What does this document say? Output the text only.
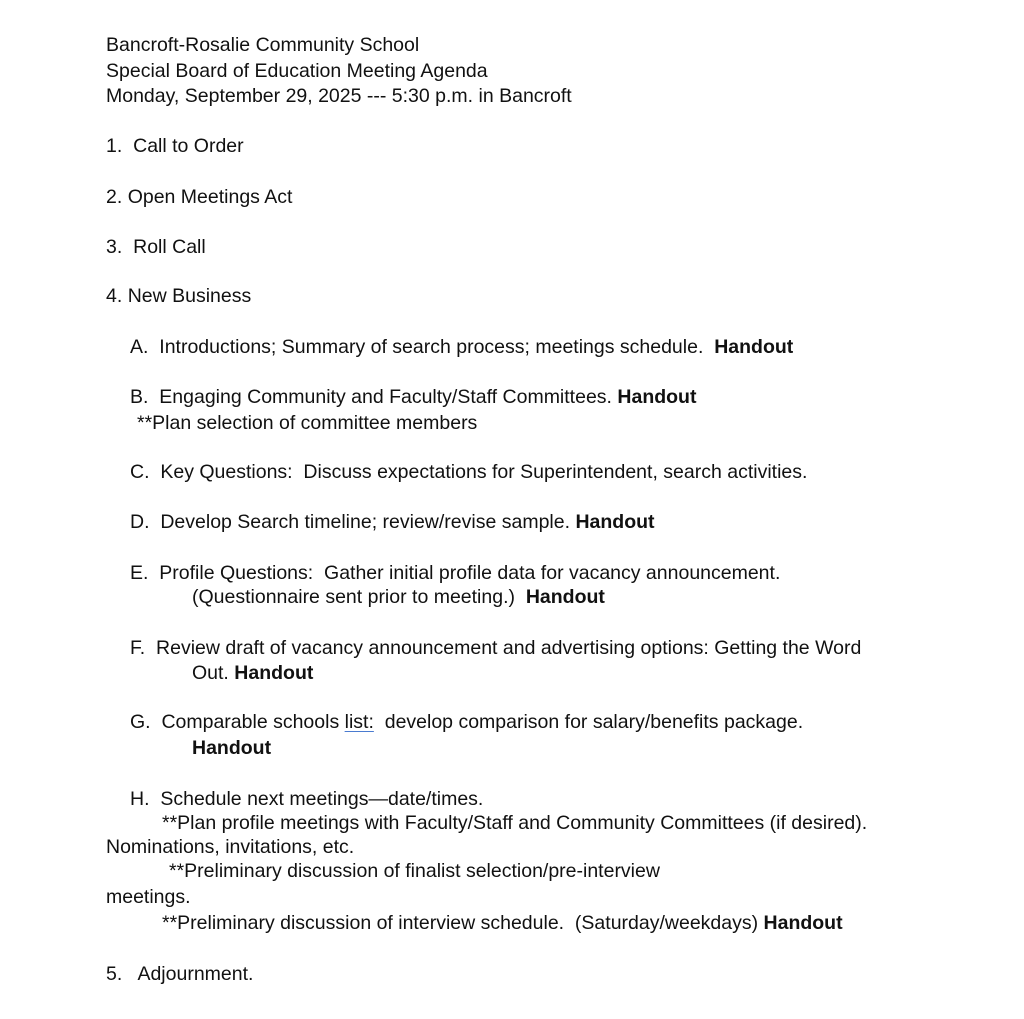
Bancroft-Rosalie Community School
Special Board of Education Meeting Agenda
Monday, September 29, 2025 --- 5:30 p.m. in Bancroft
1. Call to Order
2. Open Meetings Act
3. Roll Call
4. New Business
A. Introductions; Summary of search process; meetings schedule. Handout
B. Engaging Community and Faculty/Staff Committees. Handout
**Plan selection of committee members
C. Key Questions:  Discuss expectations for Superintendent, search activities.
D. Develop Search timeline; review/revise sample. Handout
E. Profile Questions:  Gather initial profile data for vacancy announcement.
(Questionnaire sent prior to meeting.) Handout
F. Review draft of vacancy announcement and advertising options: Getting the Word
Out. Handout
G. Comparable schools list: develop comparison for salary/benefits package.
Handout
H. Schedule next meetings—date/times.
**Plan profile meetings with Faculty/Staff and Community Committees (if desired).
Nominations, invitations, etc.
**Preliminary discussion of finalist selection/pre-interview
meetings.
**Preliminary discussion of interview schedule.  (Saturday/weekdays) Handout
5. Adjournment.
